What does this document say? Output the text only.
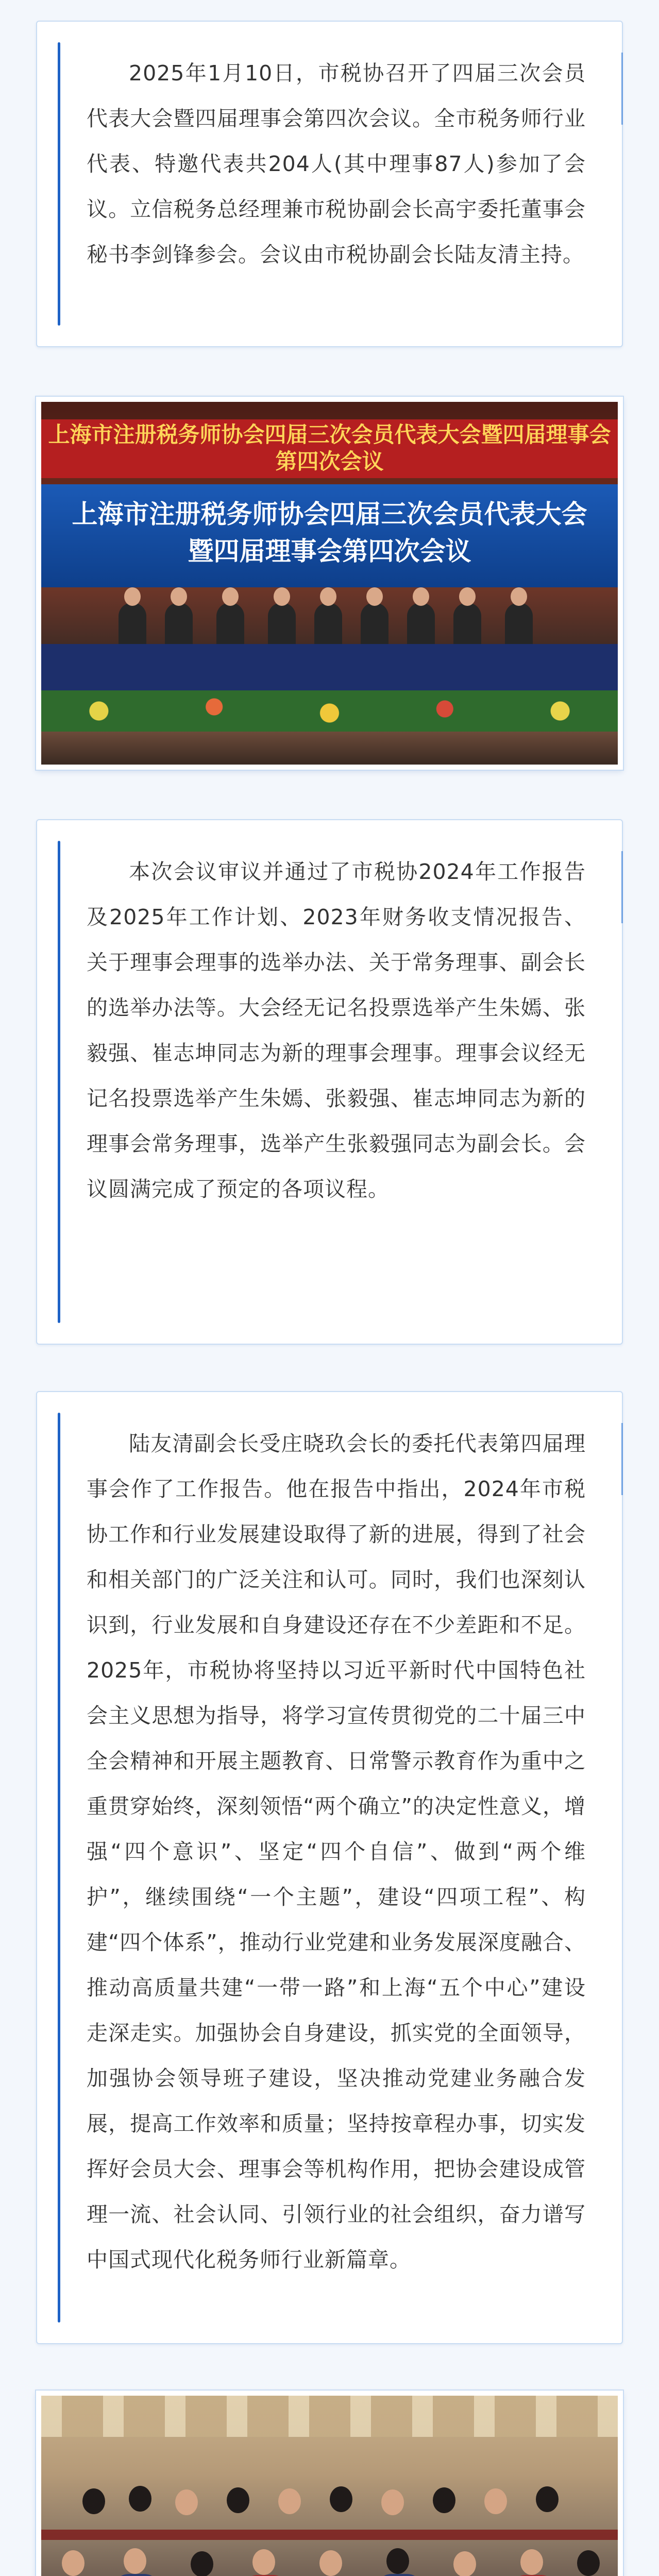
2025年1月10日，市税协召开了四届三次会员代表大会暨四届理事会第四次会议。全市税务师行业代表、特邀代表共204人(其中理事87人)参加了会议。立信税务总经理兼市税协副会长高宇委托董事会秘书李剑锋参会。会议由市税协副会长陆友清主持。

上海市注册税务师协会四届三次会员代表大会暨四届理事会第四次会议
上海市注册税务师协会四届三次会员代表大会
暨四届理事会第四次会议

本次会议审议并通过了市税协2024年工作报告及2025年工作计划、2023年财务收支情况报告、关于理事会理事的选举办法、关于常务理事、副会长的选举办法等。大会经无记名投票选举产生朱嫣、张毅强、崔志坤同志为新的理事会理事。理事会议经无记名投票选举产生朱嫣、张毅强、崔志坤同志为新的理事会常务理事，选举产生张毅强同志为副会长。会议圆满完成了预定的各项议程。

陆友清副会长受庄晓玖会长的委托代表第四届理事会作了工作报告。他在报告中指出，2024年市税协工作和行业发展建设取得了新的进展，得到了社会和相关部门的广泛关注和认可。同时，我们也深刻认识到，行业发展和自身建设还存在不少差距和不足。2025年，市税协将坚持以习近平新时代中国特色社会主义思想为指导，将学习宣传贯彻党的二十届三中全会精神和开展主题教育、日常警示教育作为重中之重贯穿始终，深刻领悟“两个确立”的决定性意义，增强“四个意识”、坚定“四个自信”、做到“两个维护”，继续围绕“一个主题”，建设“四项工程”、构建“四个体系”，推动行业党建和业务发展深度融合、推动高质量共建“一带一路”和上海“五个中心”建设走深走实。加强协会自身建设，抓实党的全面领导，加强协会领导班子建设，坚决推动党建业务融合发展，提高工作效率和质量；坚持按章程办事，切实发挥好会员大会、理事会等机构作用，把协会建设成管理一流、社会认同、引领行业的社会组织，奋力谱写中国式现代化税务师行业新篇章。
